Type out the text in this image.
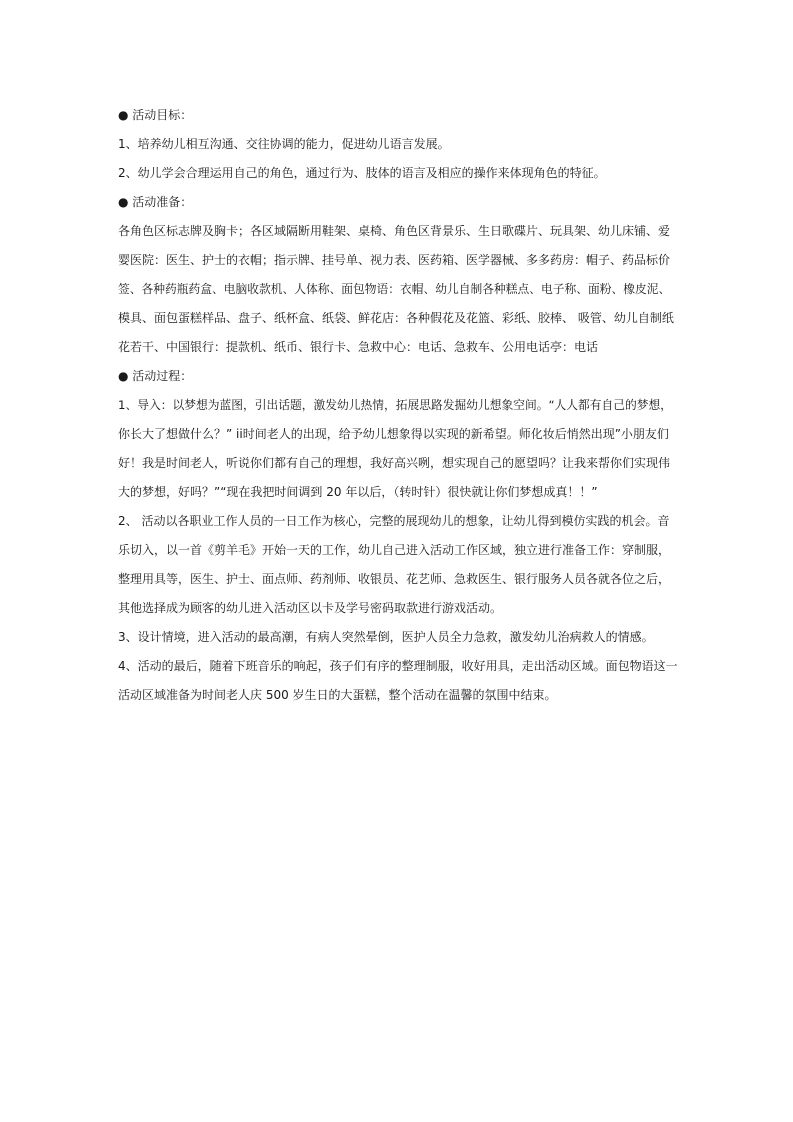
● 活动目标：

1、培养幼儿相互沟通、交往协调的能力，促进幼儿语言发展。

2、幼儿学会合理运用自己的角色，通过行为、肢体的语言及相应的操作来体现角色的特征。

● 活动准备：

各角色区标志牌及胸卡；各区域隔断用鞋架、桌椅、角色区背景乐、生日歌碟片、玩具架、幼儿床铺、爱

婴医院：医生、护士的衣帽；指示牌、挂号单、视力表、医药箱、医学器械、多多药房：帽子、药品标价

签、各种药瓶药盒、电脑收款机、人体称、面包物语：衣帽、幼儿自制各种糕点、电子称、面粉、橡皮泥、

模具、面包蛋糕样品、盘子、纸杯盒、纸袋、鲜花店：各种假花及花篮、彩纸、胶棒、 吸管、幼儿自制纸

花若干、中国银行：提款机、纸币、银行卡、急救中心：电话、急救车、公用电话亭：电话

● 活动过程：

1、导入：以梦想为蓝图，引出话题，激发幼儿热情，拓展思路发掘幼儿想象空间。“人人都有自己的梦想，

你长大了想做什么？” ii时间老人的出现，给予幼儿想象得以实现的新希望。师化妆后悄然出现”小朋友们

好！我是时间老人，听说你们都有自己的理想，我好高兴咧，想实现自己的愿望吗？让我来帮你们实现伟

大的梦想，好吗？”“现在我把时间调到 20 年以后，（转时针）很快就让你们梦想成真！！”

2、 活动以各职业工作人员的一日工作为核心，完整的展现幼儿的想象，让幼儿得到模仿实践的机会。音

乐切入，以一首《剪羊毛》开始一天的工作，幼儿自己进入活动工作区域，独立进行准备工作：穿制服，

整理用具等，医生、护士、面点师、药剂师、收银员、花艺师、急救医生、银行服务人员各就各位之后，

其他选择成为顾客的幼儿进入活动区以卡及学号密码取款进行游戏活动。

3、设计情境，进入活动的最高潮，有病人突然晕倒，医护人员全力急救，激发幼儿治病救人的情感。

4、活动的最后，随着下班音乐的响起，孩子们有序的整理制服，收好用具，走出活动区域。面包物语这一

活动区域准备为时间老人庆 500 岁生日的大蛋糕，整个活动在温馨的氛围中结束。
